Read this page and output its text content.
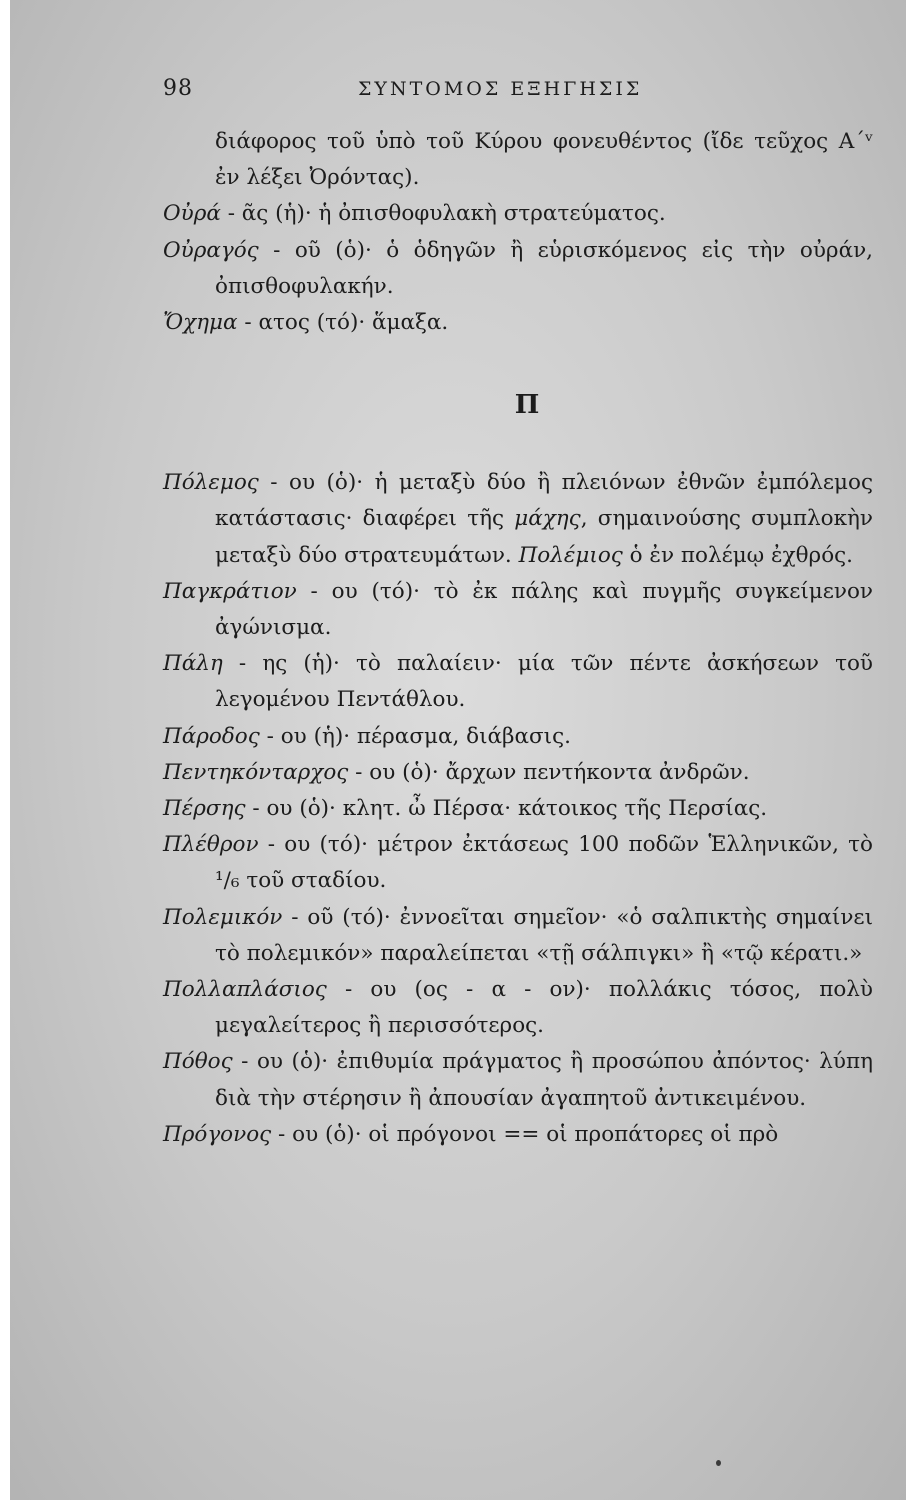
98	ΣΥΝΤΟΜΟΣ ΕΞΗΓΗΣΙΣ

διάφορος τοῦ ὑπὸ τοῦ Κύρου φονευθέντος (ἴδε τεῦχος Α΄ᵛ ἐν λέξει Ὀρόντας).

Οὐρά - ᾶς (ἡ)· ἡ ὀπισθοφυλακὴ στρατεύματος.

Οὐραγός - οῦ (ὁ)· ὁ ὁδηγῶν ἢ εὑρισκόμενος εἰς τὴν οὐράν, ὀπισθοφυλακήν.

Ὄχημα - ατος (τό)· ἅμαξα.

Π

Πόλεμος - ου (ὁ)· ἡ μεταξὺ δύο ἢ πλειόνων ἐθνῶν ἐμπόλεμος κατάστασις· διαφέρει τῆς μάχης, σημαινούσης συμπλοκὴν μεταξὺ δύο στρατευμάτων. Πολέμιος ὁ ἐν πολέμῳ ἐχθρός.

Παγκράτιον - ου (τό)· τὸ ἐκ πάλης καὶ πυγμῆς συγκείμενον ἀγώνισμα.

Πάλη - ης (ἡ)· τὸ παλαίειν· μία τῶν πέντε ἀσκήσεων τοῦ λεγομένου Πεντάθλου.

Πάροδος - ου (ἡ)· πέρασμα, διάβασις.

Πεντηκόνταρχος - ου (ὁ)· ἄρχων πεντήκοντα ἀνδρῶν.

Πέρσης - ου (ὁ)· κλητ. ὦ Πέρσα· κάτοικος τῆς Περσίας.

Πλέθρον - ου (τό)· μέτρον ἐκτάσεως 100 ποδῶν Ἑλληνικῶν, τὸ ¹/₆ τοῦ σταδίου.

Πολεμικόν - οῦ (τό)· ἐννοεῖται σημεῖον· «ὁ σαλπικτὴς σημαίνει τὸ πολεμικόν» παραλείπεται «τῇ σάλπιγκι» ἢ «τῷ κέρατι.»

Πολλαπλάσιος - ου (ος - α - ον)· πολλάκις τόσος, πολὺ μεγαλείτερος ἢ περισσότερος.

Πόθος - ου (ὁ)· ἐπιθυμία πράγματος ἢ προσώπου ἀπόντος· λύπη διὰ τὴν στέρησιν ἢ ἀπουσίαν ἀγαπητοῦ ἀντικειμένου.

Πρόγονος - ου (ὁ)· οἱ πρόγονοι == οἱ προπάτορες οἱ πρὸ
